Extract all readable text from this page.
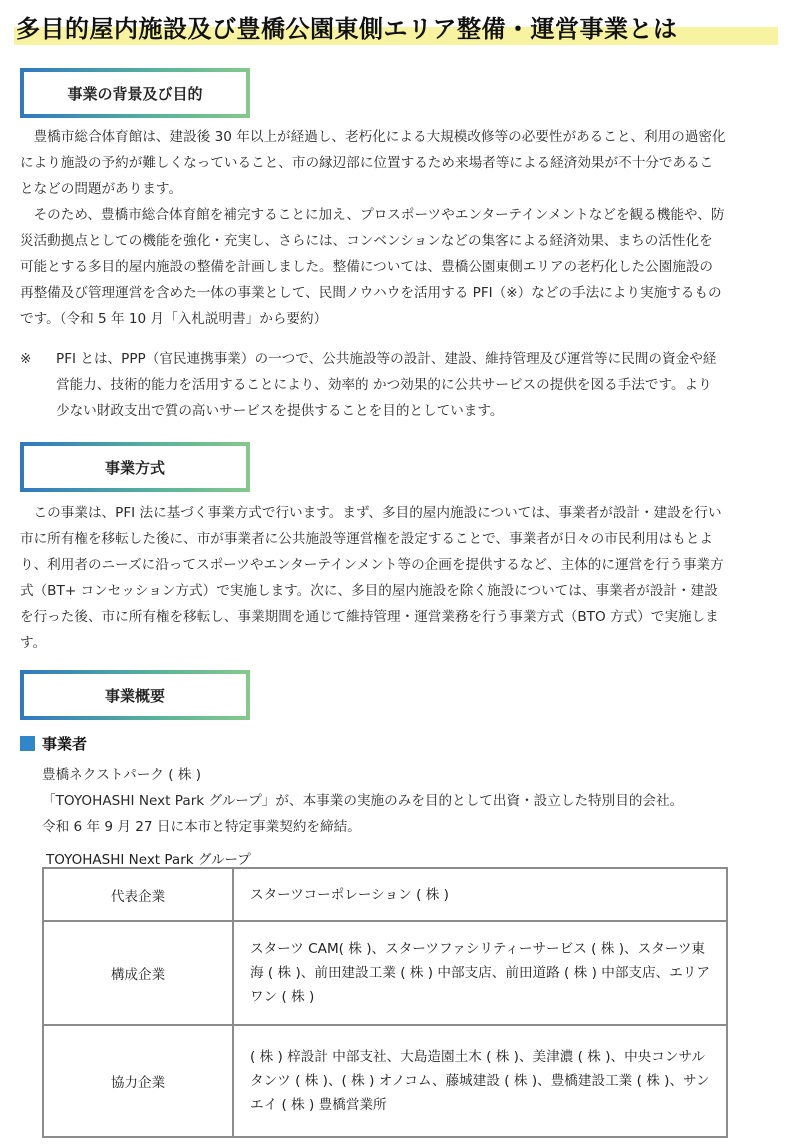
多目的屋内施設及び豊橋公園東側エリア整備・運営事業とは
事業の背景及び目的

豊橋市総合体育館は、建設後 30 年以上が経過し、老朽化による大規模改修等の必要性があること、利用の過密化により施設の予約が難しくなっていること、市の縁辺部に位置するため来場者等による経済効果が不十分であることなどの問題があります。

そのため、豊橋市総合体育館を補完することに加え、プロスポーツやエンターテインメントなどを観る機能や、防災活動拠点としての機能を強化・充実し、さらには、コンベンションなどの集客による経済効果、まちの活性化を可能とする多目的屋内施設の整備を計画しました。整備については、豊橋公園東側エリアの老朽化した公園施設の再整備及び管理運営を含めた一体の事業として、民間ノウハウを活用する PFI（※）などの手法により実施するものです。（令和 5 年 10 月「入札説明書」から要約）

※ PFI とは、PPP（官民連携事業）の一つで、公共施設等の設計、建設、維持管理及び運営等に民間の資金や経営能力、技術的能力を活用することにより、効率的 かつ効果的に公共サービスの提供を図る手法です。より少ない財政支出で質の高いサービスを提供することを目的としています。
事業方式

この事業は、PFI 法に基づく事業方式で行います。まず、多目的屋内施設については、事業者が設計・建設を行い市に所有権を移転した後に、市が事業者に公共施設等運営権を設定することで、事業者が日々の市民利用はもとより、利用者のニーズに沿ってスポーツやエンターテインメント等の企画を提供するなど、主体的に運営を行う事業方式（BT+ コンセッション方式）で実施します。次に、多目的屋内施設を除く施設については、事業者が設計・建設を行った後、市に所有権を移転し、事業期間を通じて維持管理・運営業務を行う事業方式（BTO 方式）で実施します。

事業概要
事業者
豊橋ネクストパーク ( 株 )
「TOYOHASHI Next Park グループ」が、本事業の実施のみを目的として出資・設立した特別目的会社。
令和 6 年 9 月 27 日に本市と特定事業契約を締結。
TOYOHASHI Next Park グループ
代表企業	スターツコーポレーション ( 株 )
構成企業	スターツ CAM( 株 )、スターツファシリティーサービス ( 株 )、スターツ東海 ( 株 )、前田建設工業 ( 株 ) 中部支店、前田道路 ( 株 ) 中部支店、エリアワン ( 株 )
協力企業	( 株 ) 梓設計 中部支社、大島造園土木 ( 株 )、美津濃 ( 株 )、中央コンサルタンツ ( 株 )、( 株 ) オノコム、藤城建設 ( 株 )、豊橋建設工業 ( 株 )、サンエイ ( 株 ) 豊橋営業所
